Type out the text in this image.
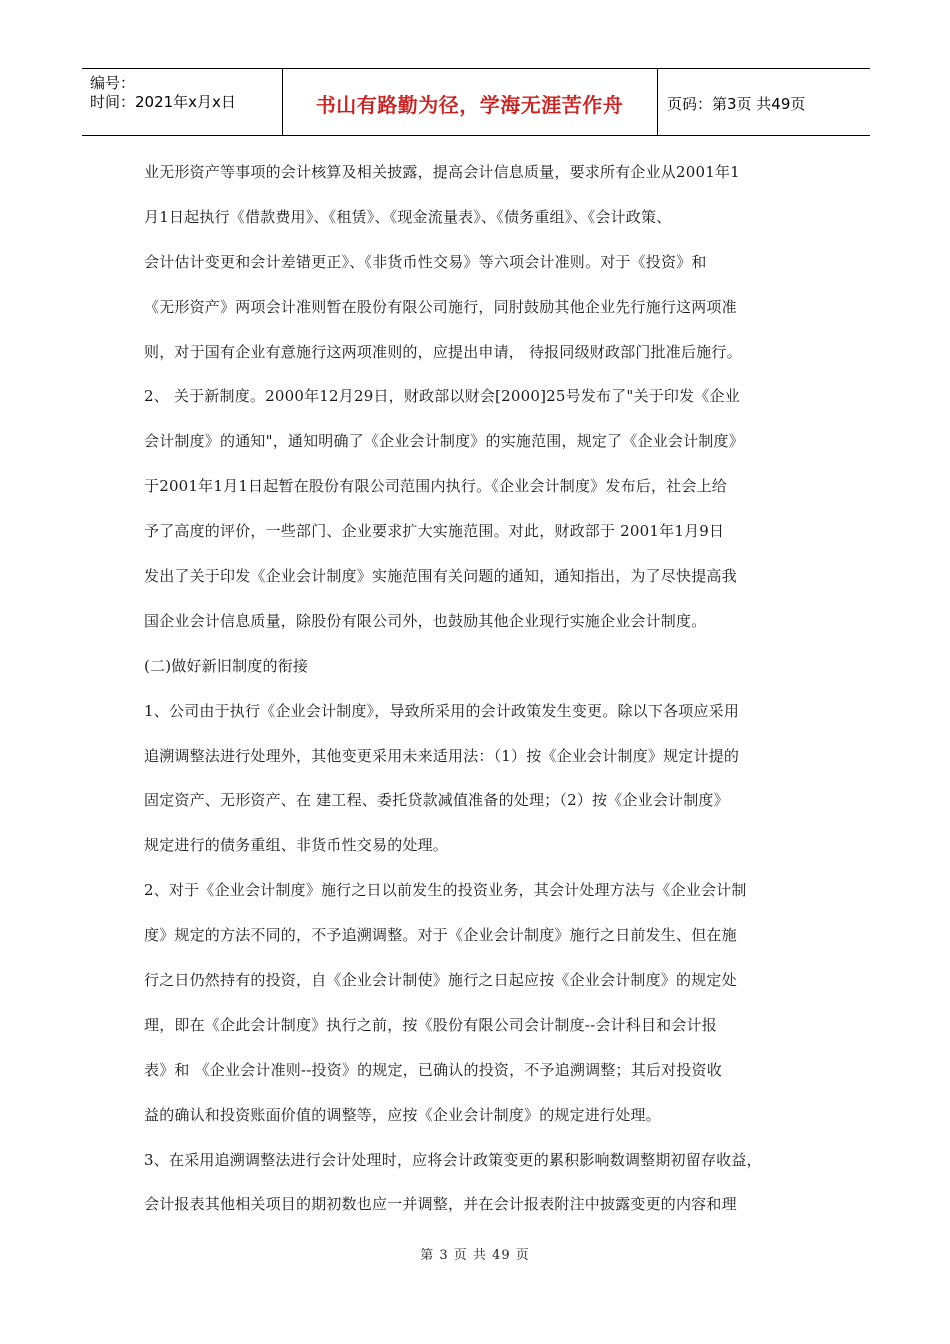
编号：
时间：2021年x月x日	书山有路勤为径，学海无涯苦作舟	页码：第3页 共49页

业无形资产等事项的会计核算及相关披露，提高会计信息质量，要求所有企业从2001年1

月1日起执行《借款费用》、《租赁》、《现金流量表》、《债务重组》、《会计政策、

会计估计变更和会计差错更正》、《非货币性交易》等六项会计准则。对于《投资》和

《无形资产》两项会计准则暂在股份有限公司施行，同肘鼓励其他企业先行施行这两项准

则，对于国有企业有意施行这两项准则的，应提出申请， 待报同级财政部门批准后施行。

2、 关于新制度。2000年12月29日，财政部以财会[2000]25号发布了"关于印发《企业

会计制度》的通知"，通知明确了《企业会计制度》的实施范围，规定了《企业会计制度》

于2001年1月1日起暂在股份有限公司范围内执行。《企业会计制度》发布后，社会上给

予了高度的评价，一些部门、企业要求扩大实施范围。对此，财政部于 2001年1月9日

发出了关于印发《企业会计制度》实施范围有关问题的通知，通知指出，为了尽快提高我

国企业会计信息质量，除股份有限公司外，也鼓励其他企业现行实施企业会计制度。

(二)做好新旧制度的衔接

1、公司由于执行《企业会计制度》，导致所采用的会计政策发生变更。除以下各项应采用

追溯调整法进行处理外，其他变更采用未来适用法：（1）按《企业会计制度》规定计提的

固定资产、无形资产、在 建工程、委托贷款减值准备的处理；（2）按《企业会计制度》

规定进行的债务重组、非货币性交易的处理。

2、对于《企业会计制度》施行之日以前发生的投资业务，其会计处理方法与《企业会计制

度》规定的方法不同的，不予追溯调整。对于《企业会计制度》施行之日前发生、但在施

行之日仍然持有的投资，自《企业会计制使》施行之日起应按《企业会计制度》的规定处

理，即在《企此会计制度》执行之前，按《股份有限公司会计制度--会计科目和会计报

表》和 《企业会计准则--投资》的规定，已确认的投资，不予追溯调整；其后对投资收

益的确认和投资账面价值的调整等，应按《企业会计制度》的规定进行处理。

3、在采用追溯调整法进行会计处理时，应将会计政策变更的累积影响数调整期初留存收益，

会计报表其他相关项目的期初数也应一并调整，并在会计报表附注中披露变更的内容和理

第 3 页 共 49 页
